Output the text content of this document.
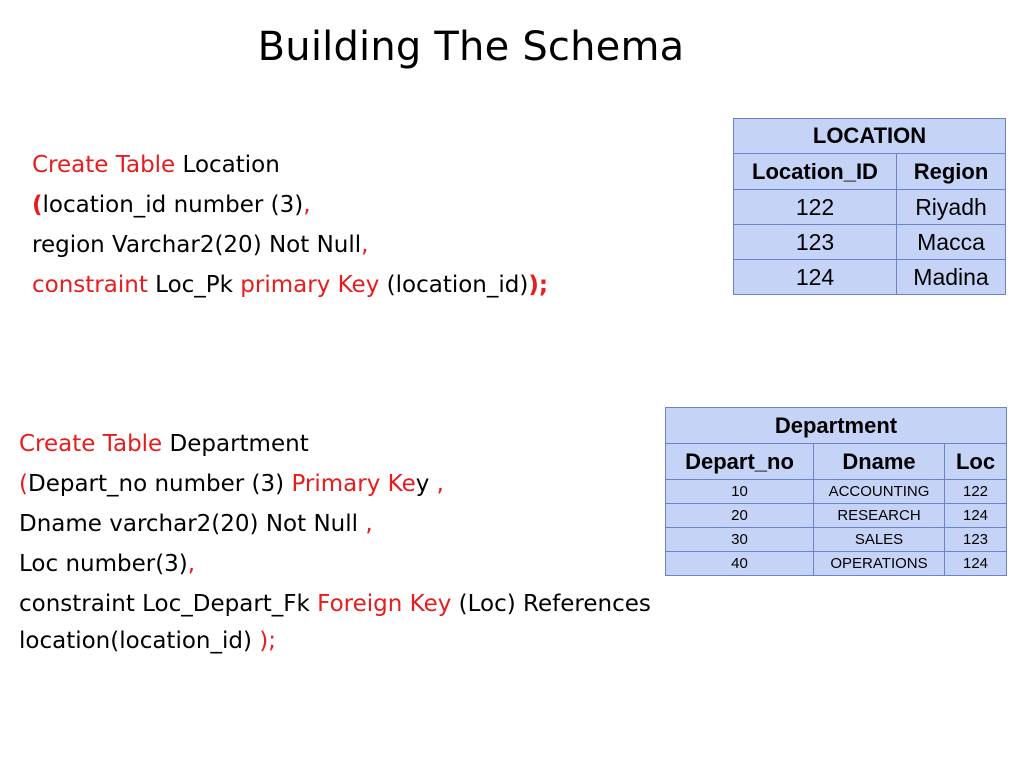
Building The Schema
Create Table Location
(location_id number (3),
region Varchar2(20) Not Null,
constraint Loc_Pk primary Key (location_id));
Create Table Department
(Depart_no number (3) Primary Key ,
Dname varchar2(20) Not Null ,
Loc number(3),
constraint Loc_Depart_Fk Foreign Key (Loc) References
location(location_id) );
LOCATION	
Location_ID	Region
122	Riyadh
123	Macca
124	Madina
Department		
Depart_no	Dname	Loc
10	ACCOUNTING	122
20	RESEARCH	124
30	SALES	123
40	OPERATIONS	124
